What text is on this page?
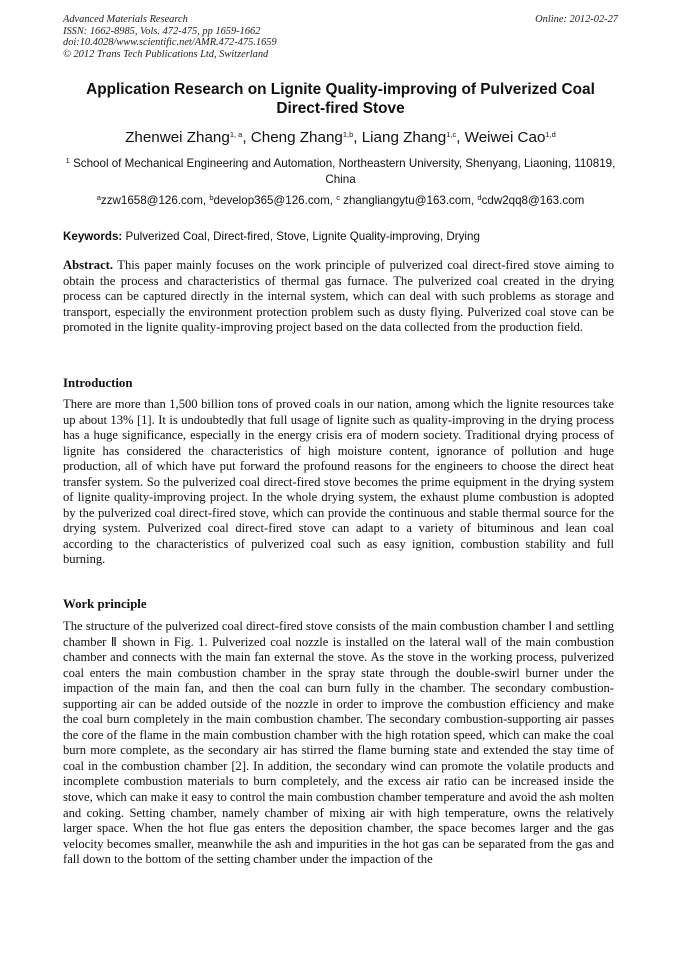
Advanced Materials Research
ISSN: 1662-8985, Vols. 472-475, pp 1659-1662
doi:10.4028/www.scientific.net/AMR.472-475.1659
© 2012 Trans Tech Publications Ltd, Switzerland
Online: 2012-02-27
Application Research on Lignite Quality-improving of Pulverized Coal Direct-fired Stove
Zhenwei Zhang$^{1, a}$, Cheng Zhang$^{1,b}$, Liang Zhang$^{1,c}$, Weiwei Cao$^{1,d}$
$^1$ School of Mechanical Engineering and Automation, Northeastern University, Shenyang, Liaoning, 110819, China
$^a$zzw1658@126.com, $^b$develop365@126.com, $^c$ zhangliangytu@163.com, $^d$cdw2qq8@163.com
Keywords: Pulverized Coal, Direct-fired, Stove, Lignite Quality-improving, Drying
Abstract. This paper mainly focuses on the work principle of pulverized coal direct-fired stove aiming to obtain the process and characteristics of thermal gas furnace. The pulverized coal created in the drying process can be captured directly in the internal system, which can deal with such problems as storage and transport, especially the environment protection problem such as dusty flying. Pulverized coal stove can be promoted in the lignite quality-improving project based on the data collected from the production field.
Introduction
There are more than 1,500 billion tons of proved coals in our nation, among which the lignite resources take up about 13% [1]. It is undoubtedly that full usage of lignite such as quality-improving in the drying process has a huge significance, especially in the energy crisis era of modern society. Traditional drying process of lignite has considered the characteristics of high moisture content, ignorance of pollution and huge production, all of which have put forward the profound reasons for the engineers to choose the direct heat transfer system. So the pulverized coal direct-fired stove becomes the prime equipment in the drying system of lignite quality-improving project. In the whole drying system, the exhaust plume combustion is adopted by the pulverized coal direct-fired stove, which can provide the continuous and stable thermal source for the drying system. Pulverized coal direct-fired stove can adapt to a variety of bituminous and lean coal according to the characteristics of pulverized coal such as easy ignition, combustion stability and full burning.
Work principle
The structure of the pulverized coal direct-fired stove consists of the main combustion chamber Ⅰ and settling chamber Ⅱ shown in Fig. 1. Pulverized coal nozzle is installed on the lateral wall of the main combustion chamber and connects with the main fan external the stove. As the stove in the working process, pulverized coal enters the main combustion chamber in the spray state through the double-swirl burner under the impaction of the main fan, and then the coal can burn fully in the chamber. The secondary combustion-supporting air can be added outside of the nozzle in order to improve the combustion efficiency and make the coal burn completely in the main combustion chamber. The secondary combustion-supporting air passes the core of the flame in the main combustion chamber with the high rotation speed, which can make the coal burn more complete, as the secondary air has stirred the flame burning state and extended the stay time of coal in the combustion chamber [2]. In addition, the secondary wind can promote the volatile products and incomplete combustion materials to burn completely, and the excess air ratio can be increased inside the stove, which can make it easy to control the main combustion chamber temperature and avoid the ash molten and coking. Setting chamber, namely chamber of mixing air with high temperature, owns the relatively larger space. When the hot flue gas enters the deposition chamber, the space becomes larger and the gas velocity becomes smaller, meanwhile the ash and impurities in the hot gas can be separated from the gas and fall down to the bottom of the setting chamber under the impaction of the
